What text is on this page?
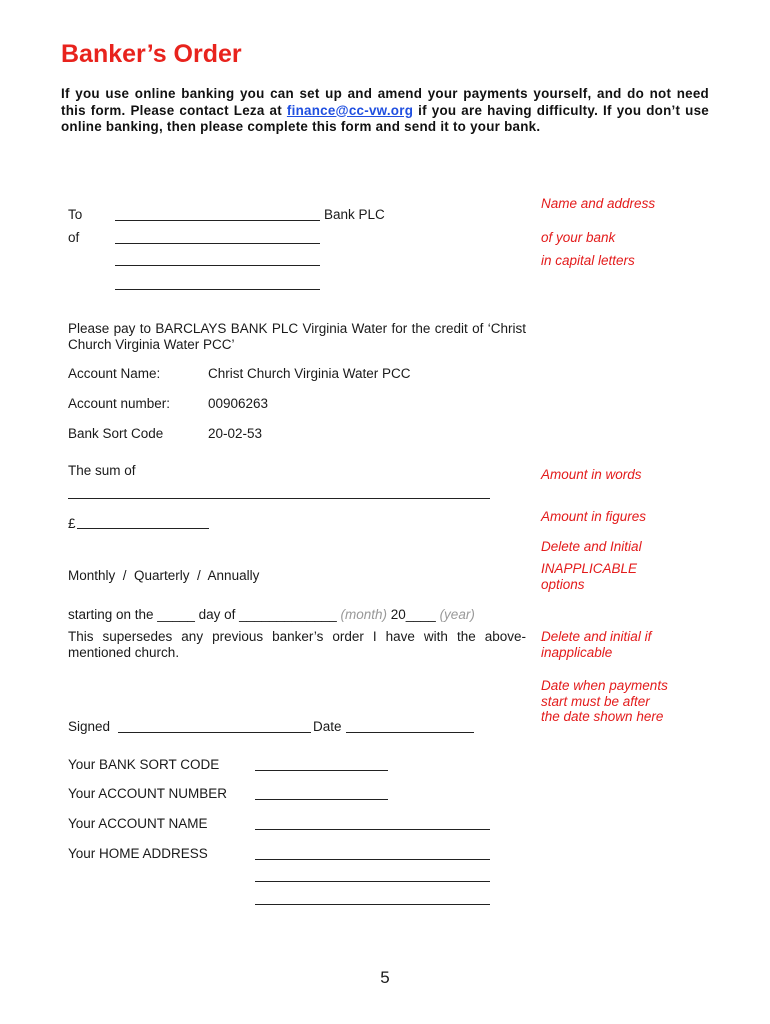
Banker’s Order
If you use online banking you can set up and amend your payments yourself, and do not need this form. Please contact Leza at finance@cc-vw.org if you are having difficulty. If you don’t use online banking, then please complete this form and send it to your bank.
To	Bank PLC
of
Name and address
of your bank
in capital letters
Please pay to BARCLAYS BANK PLC Virginia Water for the credit of ‘Christ Church Virginia Water PCC’
Account Name:	Christ Church Virginia Water PCC
Account number:	00906263
Bank Sort Code	20-02-53
The sum of	Amount in words
£	Amount in figures
Delete and Initial
Monthly  /  Quarterly  /  Annually	INAPPLICABLE
options
starting on the _____ day of _____________ (month) 20____ (year)
This supersedes any previous banker’s order I have with the above-mentioned church.
Delete and initial if
inapplicable
Date when payments
start must be after
the date shown here
Signed	Date
Your BANK SORT CODE
Your ACCOUNT NUMBER
Your ACCOUNT NAME
Your HOME ADDRESS
5
